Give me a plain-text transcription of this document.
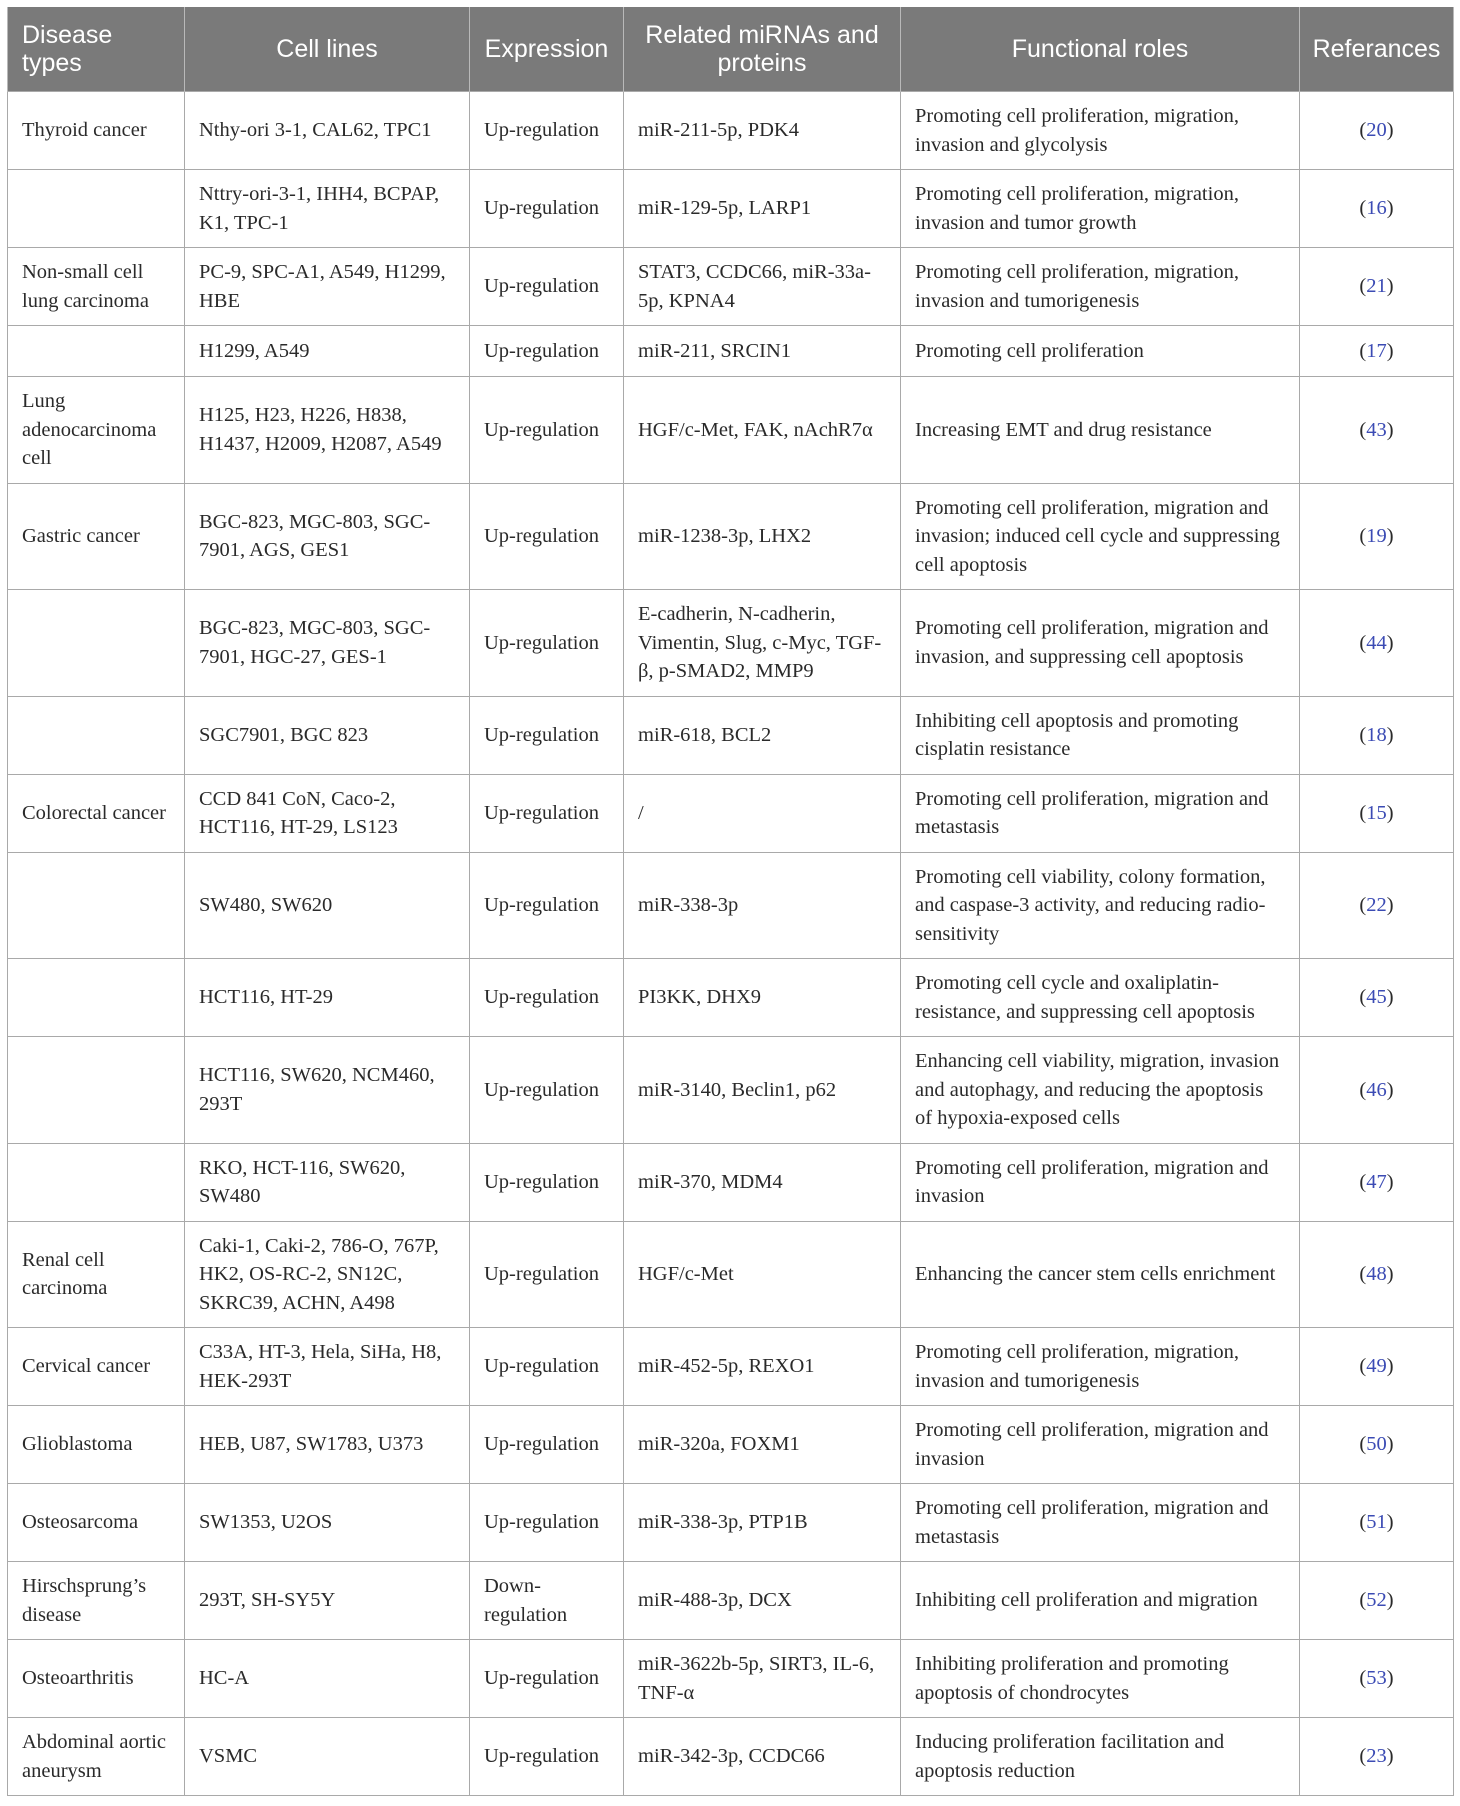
Disease types	Cell lines	Expression	Related miRNAs and proteins	Functional roles	Referances
Thyroid cancer	Nthy-ori 3-1, CAL62, TPC1	Up-regulation	miR-211-5p, PDK4	Promoting cell proliferation, migration, invasion and glycolysis	(20)
	Nttry-ori-3-1, IHH4, BCPAP, K1, TPC-1	Up-regulation	miR-129-5p, LARP1	Promoting cell proliferation, migration, invasion and tumor growth	(16)
Non-small cell lung carcinoma	PC-9, SPC-A1, A549, H1299, HBE	Up-regulation	STAT3, CCDC66, miR-33a-5p, KPNA4	Promoting cell proliferation, migration, invasion and tumorigenesis	(21)
	H1299, A549	Up-regulation	miR-211, SRCIN1	Promoting cell proliferation	(17)
Lung adenocarcinoma cell	H125, H23, H226, H838, H1437, H2009, H2087, A549	Up-regulation	HGF/c-Met, FAK, nAchR7α	Increasing EMT and drug resistance	(43)
Gastric cancer	BGC-823, MGC-803, SGC-7901, AGS, GES1	Up-regulation	miR-1238-3p, LHX2	Promoting cell proliferation, migration and invasion; induced cell cycle and suppressing cell apoptosis	(19)
	BGC-823, MGC-803, SGC-7901, HGC-27, GES-1	Up-regulation	E-cadherin, N-cadherin, Vimentin, Slug, c-Myc, TGF-β, p-SMAD2, MMP9	Promoting cell proliferation, migration and invasion, and suppressing cell apoptosis	(44)
	SGC7901, BGC 823	Up-regulation	miR-618, BCL2	Inhibiting cell apoptosis and promoting cisplatin resistance	(18)
Colorectal cancer	CCD 841 CoN, Caco-2, HCT116, HT-29, LS123	Up-regulation	/	Promoting cell proliferation, migration and metastasis	(15)
	SW480, SW620	Up-regulation	miR-338-3p	Promoting cell viability, colony formation, and caspase-3 activity, and reducing radio-sensitivity	(22)
	HCT116, HT-29	Up-regulation	PI3KK, DHX9	Promoting cell cycle and oxaliplatin-resistance, and suppressing cell apoptosis	(45)
	HCT116, SW620, NCM460, 293T	Up-regulation	miR-3140, Beclin1, p62	Enhancing cell viability, migration, invasion and autophagy, and reducing the apoptosis of hypoxia-exposed cells	(46)
	RKO, HCT-116, SW620, SW480	Up-regulation	miR-370, MDM4	Promoting cell proliferation, migration and invasion	(47)
Renal cell carcinoma	Caki-1, Caki-2, 786-O, 767P, HK2, OS-RC-2, SN12C, SKRC39, ACHN, A498	Up-regulation	HGF/c-Met	Enhancing the cancer stem cells enrichment	(48)
Cervical cancer	C33A, HT-3, Hela, SiHa, H8, HEK-293T	Up-regulation	miR-452-5p, REXO1	Promoting cell proliferation, migration, invasion and tumorigenesis	(49)
Glioblastoma	HEB, U87, SW1783, U373	Up-regulation	miR-320a, FOXM1	Promoting cell proliferation, migration and invasion	(50)
Osteosarcoma	SW1353, U2OS	Up-regulation	miR-338-3p, PTP1B	Promoting cell proliferation, migration and metastasis	(51)
Hirschsprung’s disease	293T, SH-SY5Y	Down-regulation	miR-488-3p, DCX	Inhibiting cell proliferation and migration	(52)
Osteoarthritis	HC-A	Up-regulation	miR-3622b-5p, SIRT3, IL-6, TNF-α	Inhibiting proliferation and promoting apoptosis of chondrocytes	(53)
Abdominal aortic aneurysm	VSMC	Up-regulation	miR-342-3p, CCDC66	Inducing proliferation facilitation and apoptosis reduction	(23)
